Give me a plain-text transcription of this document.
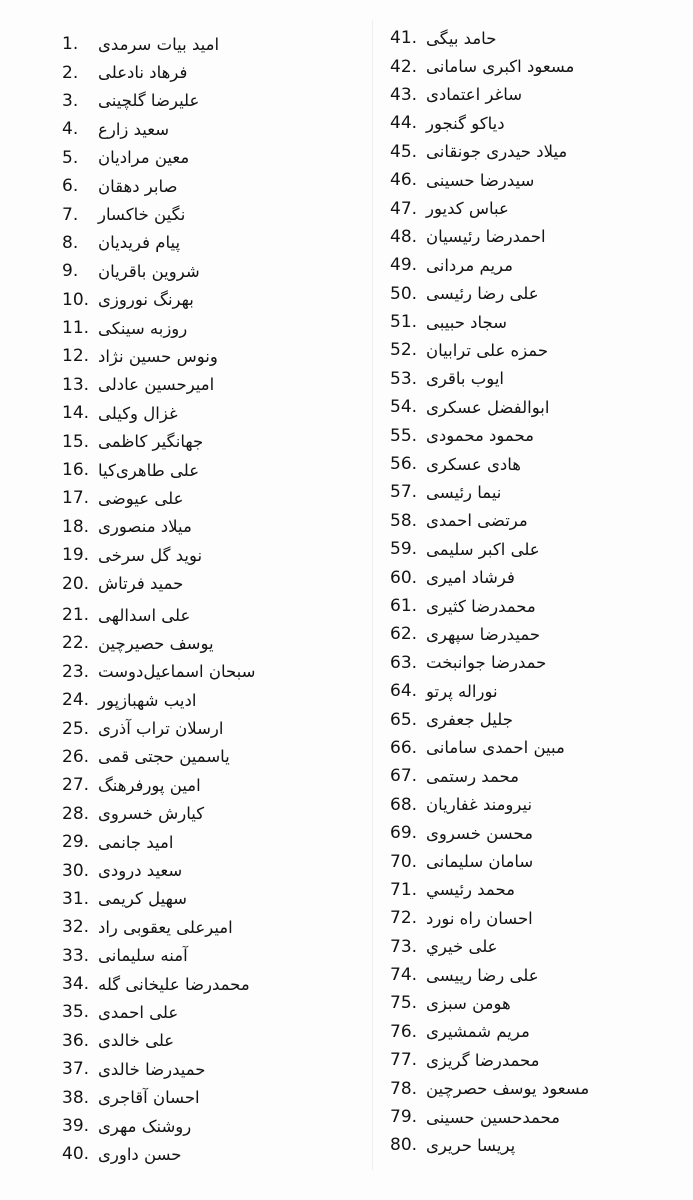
1.	امید بیات سرمدی
2.	فرهاد نادعلی
3.	علیرضا گلچینی
4.	سعید زارع
5.	معین مرادیان
6.	صابر دهقان
7.	نگین خاکسار
8.	پیام فریدیان
9.	شروین باقریان
10. بهرنگ نوروزی
11. روزبه سینکی
12. ونوس حسین نژاد
13. امیرحسین عادلی
14. غزال وکیلی
15. جهانگیر کاظمی
16. علی طاهری‌کیا
17. علی عیوضی
18. میلاد منصوری
19. نوید گل سرخی
20. حمید فرتاش
21. علی اسدالهی
22. یوسف حصیرچین
23. سبحان اسماعیل‌دوست
24. ادیب شهبازپور
25. ارسلان تراب آذری
26. یاسمین حجتی قمی
27. امین پورفرهنگ
28. کیارش خسروی
29. امید جانمی
30. سعید درودی
31. سهیل کریمی
32. امیرعلی یعقوبی راد
33. آمنه سلیمانی
34. محمدرضا علیخانی گله
35. علی احمدی
36. علی خالدی
37. حمیدرضا خالدی
38. احسان آقاجری
39. روشنک مهری
40. حسن داوری
41. حامد بیگی
42. مسعود اکبری سامانی
43. ساغر اعتمادی
44. دیاکو گنجور
45. میلاد حیدری جونقانی
46. سیدرضا حسینی
47. عباس کدیور
48. احمدرضا رئیسیان
49. مریم مردانی
50. علی رضا رئیسی
51. سجاد حبیبی
52. حمزه علی ترابیان
53. ایوب باقری
54. ابوالفضل عسکری
55. محمود محمودی
56. هادی عسکری
57. نیما رئیسی
58. مرتضی احمدی
59. علی اکبر سلیمی
60. فرشاد امیری
61. محمدرضا کثیری
62. حمیدرضا سپهری
63. حمدرضا جوانبخت
64. نوراله پرتو
65. جلیل جعفری
66. مبین احمدی سامانی
67. محمد رستمی
68. نیرومند غفاریان
69. محسن خسروی
70. سامان سلیمانی
71. محمد رئیسي
72. احسان راه نورد
73. علی خیري
74. علی رضا رییسی
75. هومن سبزی
76. مریم شمشیری
77. محمدرضا گریزی
78. مسعود یوسف حصرچین
79. محمدحسین حسینی
80. پریسا حریری
